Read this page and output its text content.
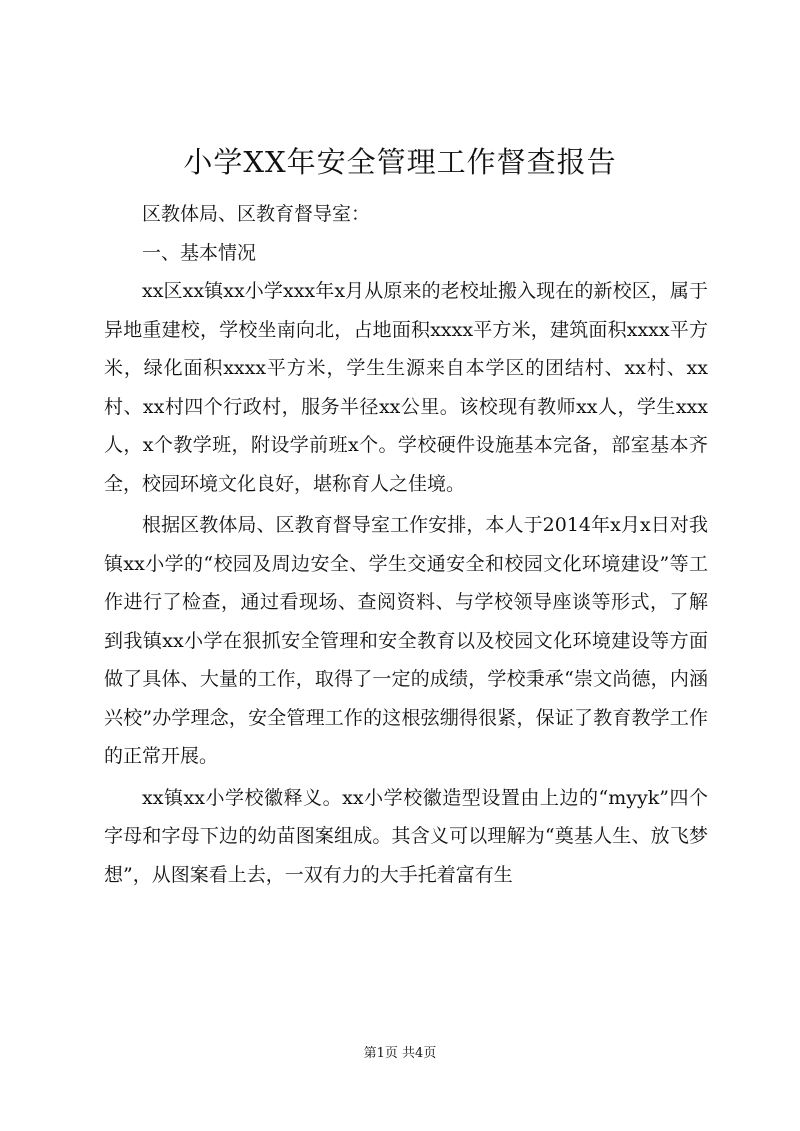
小学XX年安全管理工作督查报告

区教体局、区教育督导室：

一、基本情况

xx区xx镇xx小学xxx年x月从原来的老校址搬入现在的新校区，属于异地重建校，学校坐南向北，占地面积xxxx平方米，建筑面积xxxx平方米，绿化面积xxxx平方米，学生生源来自本学区的团结村、xx村、xx村、xx村四个行政村，服务半径xx公里。该校现有教师xx人，学生xxx人，x个教学班，附设学前班x个。学校硬件设施基本完备，部室基本齐全，校园环境文化良好，堪称育人之佳境。

根据区教体局、区教育督导室工作安排，本人于2014年x月x日对我镇xx小学的“校园及周边安全、学生交通安全和校园文化环境建设”等工作进行了检查，通过看现场、查阅资料、与学校领导座谈等形式，了解到我镇xx小学在狠抓安全管理和安全教育以及校园文化环境建设等方面做了具体、大量的工作，取得了一定的成绩，学校秉承“崇文尚德，内涵兴校”办学理念，安全管理工作的这根弦绷得很紧，保证了教育教学工作的正常开展。

xx镇xx小学校徽释义。xx小学校徽造型设置由上边的“myyk”四个字母和字母下边的幼苗图案组成。其含义可以理解为“奠基人生、放飞梦想”，从图案看上去，一双有力的大手托着富有生

第1页 共4页
